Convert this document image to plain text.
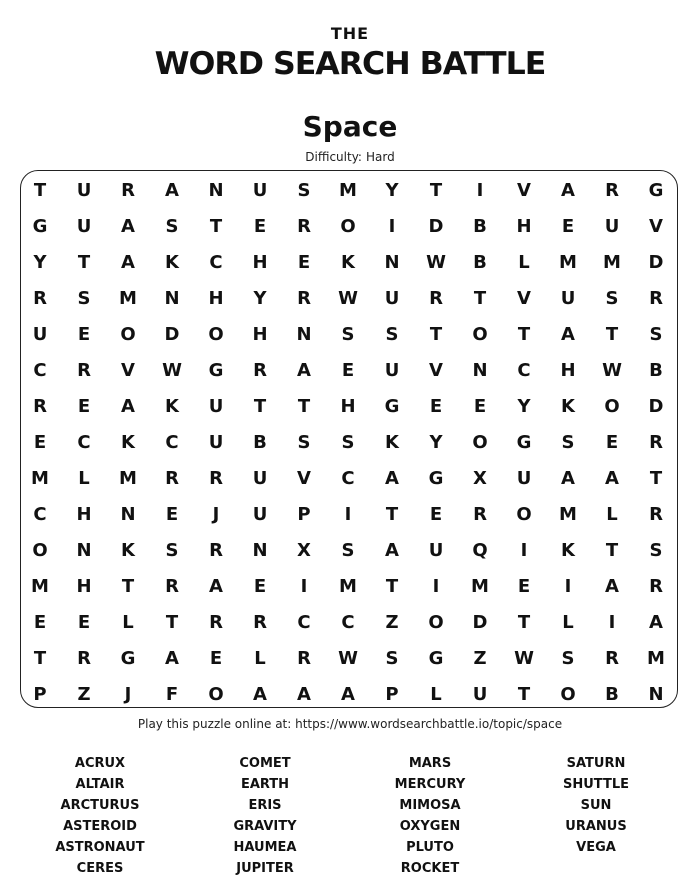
THE
WORD SEARCH BATTLE
Space
Difficulty: Hard
T	U	R	A	N	U	S	M	Y	T	I	V	A	R	G
G	U	A	S	T	E	R	O	I	D	B	H	E	U	V
Y	T	A	K	C	H	E	K	N	W	B	L	M	M	D
R	S	M	N	H	Y	R	W	U	R	T	V	U	S	R
U	E	O	D	O	H	N	S	S	T	O	T	A	T	S
C	R	V	W	G	R	A	E	U	V	N	C	H	W	B
R	E	A	K	U	T	T	H	G	E	E	Y	K	O	D
E	C	K	C	U	B	S	S	K	Y	O	G	S	E	R
M	L	M	R	R	U	V	C	A	G	X	U	A	A	T
C	H	N	E	J	U	P	I	T	E	R	O	M	L	R
O	N	K	S	R	N	X	S	A	U	Q	I	K	T	S
M	H	T	R	A	E	I	M	T	I	M	E	I	A	R
E	E	L	T	R	R	C	C	Z	O	D	T	L	I	A
T	R	G	A	E	L	R	W	S	G	Z	W	S	R	M
P	Z	J	F	O	A	A	A	P	L	U	T	O	B	N
Play this puzzle online at: https://www.wordsearchbattle.io/topic/space
ACRUX
ALTAIR
ARCTURUS
ASTEROID
ASTRONAUT
CERES
COMET
EARTH
ERIS
GRAVITY
HAUMEA
JUPITER
MARS
MERCURY
MIMOSA
OXYGEN
PLUTO
ROCKET
SATURN
SHUTTLE
SUN
URANUS
VEGA
